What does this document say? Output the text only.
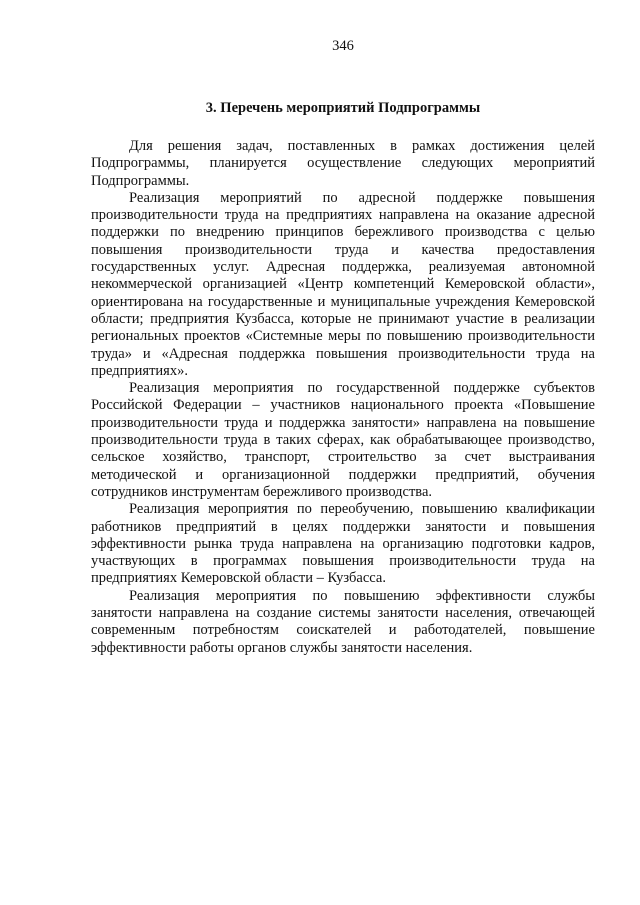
346
3. Перечень мероприятий Подпрограммы

Для решения задач, поставленных в рамках достижения целей Подпрограммы, планируется осуществление следующих мероприятий Подпрограммы.

Реализация мероприятий по адресной поддержке повышения производительности труда на предприятиях направлена на оказание адресной поддержки по внедрению принципов бережливого производства с целью повышения производительности труда и качества предоставления государственных услуг. Адресная поддержка, реализуемая автономной некоммерческой организацией «Центр компетенций Кемеровской области», ориентирована на государственные и муниципальные учреждения Кемеровской области; предприятия Кузбасса, которые не принимают участие в реализации региональных проектов «Системные меры по повышению производительности труда» и «Адресная поддержка повышения производительности труда на предприятиях».

Реализация мероприятия по государственной поддержке субъектов Российской Федерации – участников национального проекта «Повышение производительности труда и поддержка занятости» направлена на повышение производительности труда в таких сферах, как обрабатывающее производство, сельское хозяйство, транспорт, строительство за счет выстраивания методической и организационной поддержки предприятий, обучения сотрудников инструментам бережливого производства.

Реализация мероприятия по переобучению, повышению квалификации работников предприятий в целях поддержки занятости и повышения эффективности рынка труда направлена на организацию подготовки кадров, участвующих в программах повышения производительности труда на предприятиях Кемеровской области – Кузбасса.

Реализация мероприятия по повышению эффективности службы занятости направлена на создание системы занятости населения, отвечающей современным потребностям соискателей и работодателей, повышение эффективности работы органов службы занятости населения.
